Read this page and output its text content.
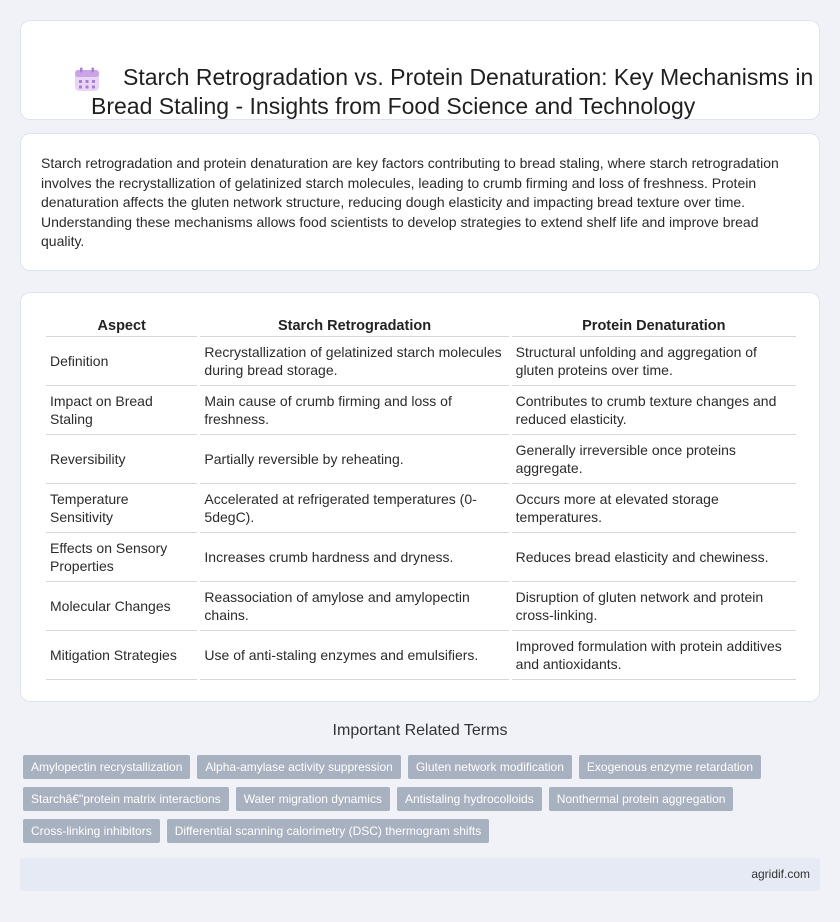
Starch Retrogradation vs. Protein Denaturation: Key Mechanisms in Bread Staling - Insights from Food Science and Technology

Starch retrogradation and protein denaturation are key factors contributing to bread staling, where starch retrogradation involves the recrystallization of gelatinized starch molecules, leading to crumb firming and loss of freshness. Protein denaturation affects the gluten network structure, reducing dough elasticity and impacting bread texture over time. Understanding these mechanisms allows food scientists to develop strategies to extend shelf life and improve bread quality.

Aspect	Starch Retrogradation	Protein Denaturation
Definition	Recrystallization of gelatinized starch molecules during bread storage.	Structural unfolding and aggregation of gluten proteins over time.
Impact on Bread Staling	Main cause of crumb firming and loss of freshness.	Contributes to crumb texture changes and reduced elasticity.
Reversibility	Partially reversible by reheating.	Generally irreversible once proteins aggregate.
Temperature Sensitivity	Accelerated at refrigerated temperatures (0-5degC).	Occurs more at elevated storage temperatures.
Effects on Sensory Properties	Increases crumb hardness and dryness.	Reduces bread elasticity and chewiness.
Molecular Changes	Reassociation of amylose and amylopectin chains.	Disruption of gluten network and protein cross-linking.
Mitigation Strategies	Use of anti-staling enzymes and emulsifiers.	Improved formulation with protein additives and antioxidants.
Important Related Terms
Amylopectin recrystallization	Alpha-amylase activity suppression	Gluten network modification	Exogenous enzyme retardation
Starchâ€"protein matrix interactions	Water migration dynamics	Antistaling hydrocolloids	Nonthermal protein aggregation
Cross-linking inhibitors	Differential scanning calorimetry (DSC) thermogram shifts
agridif.com
